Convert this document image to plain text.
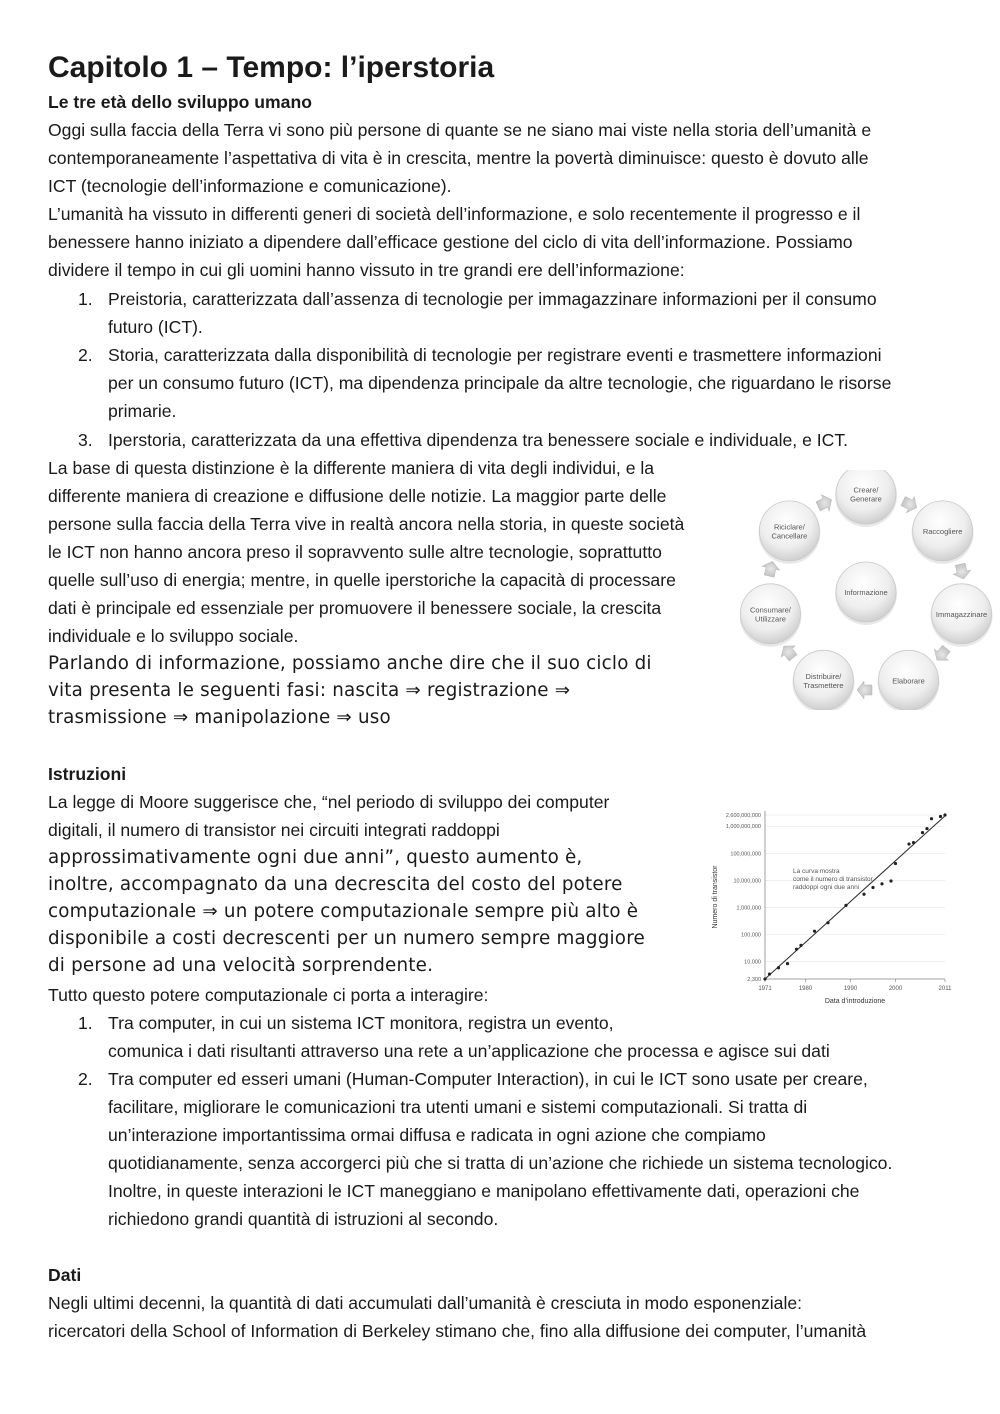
Capitolo 1 – Tempo: l’iperstoria
Le tre età dello sviluppo umano
Oggi sulla faccia della Terra vi sono più persone di quante se ne siano mai viste nella storia dell’umanità e
contemporaneamente l’aspettativa di vita è in crescita, mentre la povertà diminuisce: questo è dovuto alle
ICT (tecnologie dell’informazione e comunicazione).
L’umanità ha vissuto in differenti generi di società dell’informazione, e solo recentemente il progresso e il
benessere hanno iniziato a dipendere dall’efficace gestione del ciclo di vita dell’informazione. Possiamo
dividere il tempo in cui gli uomini hanno vissuto in tre grandi ere dell’informazione:
1. Preistoria, caratterizzata dall’assenza di tecnologie per immagazzinare informazioni per il consumo
futuro (ICT).
2. Storia, caratterizzata dalla disponibilità di tecnologie per registrare eventi e trasmettere informazioni
per un consumo futuro (ICT), ma dipendenza principale da altre tecnologie, che riguardano le risorse
primarie.
3. Iperstoria, caratterizzata da una effettiva dipendenza tra benessere sociale e individuale, e ICT.
La base di questa distinzione è la differente maniera di vita degli individui, e la
differente maniera di creazione e diffusione delle notizie. La maggior parte delle
persone sulla faccia della Terra vive in realtà ancora nella storia, in queste società
le ICT non hanno ancora preso il sopravvento sulle altre tecnologie, soprattutto
quelle sull’uso di energia; mentre, in quelle iperstoriche la capacità di processare
dati è principale ed essenziale per promuovere il benessere sociale, la crescita
individuale e lo sviluppo sociale.
Parlando di informazione, possiamo anche dire che il suo ciclo di
vita presenta le seguenti fasi: nascita ⇒ registrazione ⇒
trasmissione ⇒ manipolazione ⇒ uso
Informazione
Creare/
Generare
Raccogliere
Immagazzinare
Elaborare
Distribuire/
Trasmettere
Consumare/
Utilizzare
Riciclare/
Cancellare
Istruzioni
La legge di Moore suggerisce che, “nel periodo di sviluppo dei computer
digitali, il numero di transistor nei circuiti integrati raddoppi
approssimativamente ogni due anni”, questo aumento è,
inoltre, accompagnato da una decrescita del costo del potere
computazionale ⇒ un potere computazionale sempre più alto è
disponibile a costi decrescenti per un numero sempre maggiore
di persone ad una velocità sorprendente.
Tutto questo potere computazionale ci porta a interagire:
1. Tra computer, in cui un sistema ICT monitora, registra un evento,
comunica i dati risultanti attraverso una rete a un’applicazione che processa e agisce sui dati
2. Tra computer ed esseri umani (Human-Computer Interaction), in cui le ICT sono usate per creare,
facilitare, migliorare le comunicazioni tra utenti umani e sistemi computazionali. Si tratta di
un’interazione importantissima ormai diffusa e radicata in ogni azione che compiamo
quotidianamente, senza accorgerci più che si tratta di un’azione che richiede un sistema tecnologico.
Inoltre, in queste interazioni le ICT maneggiano e manipolano effettivamente dati, operazioni che
richiedono grandi quantità di istruzioni al secondo.
2,300
10,000
100,000
1,000,000
10,000,000
100,000,000
1,000,000,000
2,600,000,000
1971	1980	1990	2000	2011
Data d’introduzione
Numero di transistor	La curva mostra
come il numero di transistor
raddoppi ogni due anni
Dati
Negli ultimi decenni, la quantità di dati accumulati dall’umanità è cresciuta in modo esponenziale:
ricercatori della School of Information di Berkeley stimano che, fino alla diffusione dei computer, l’umanità
